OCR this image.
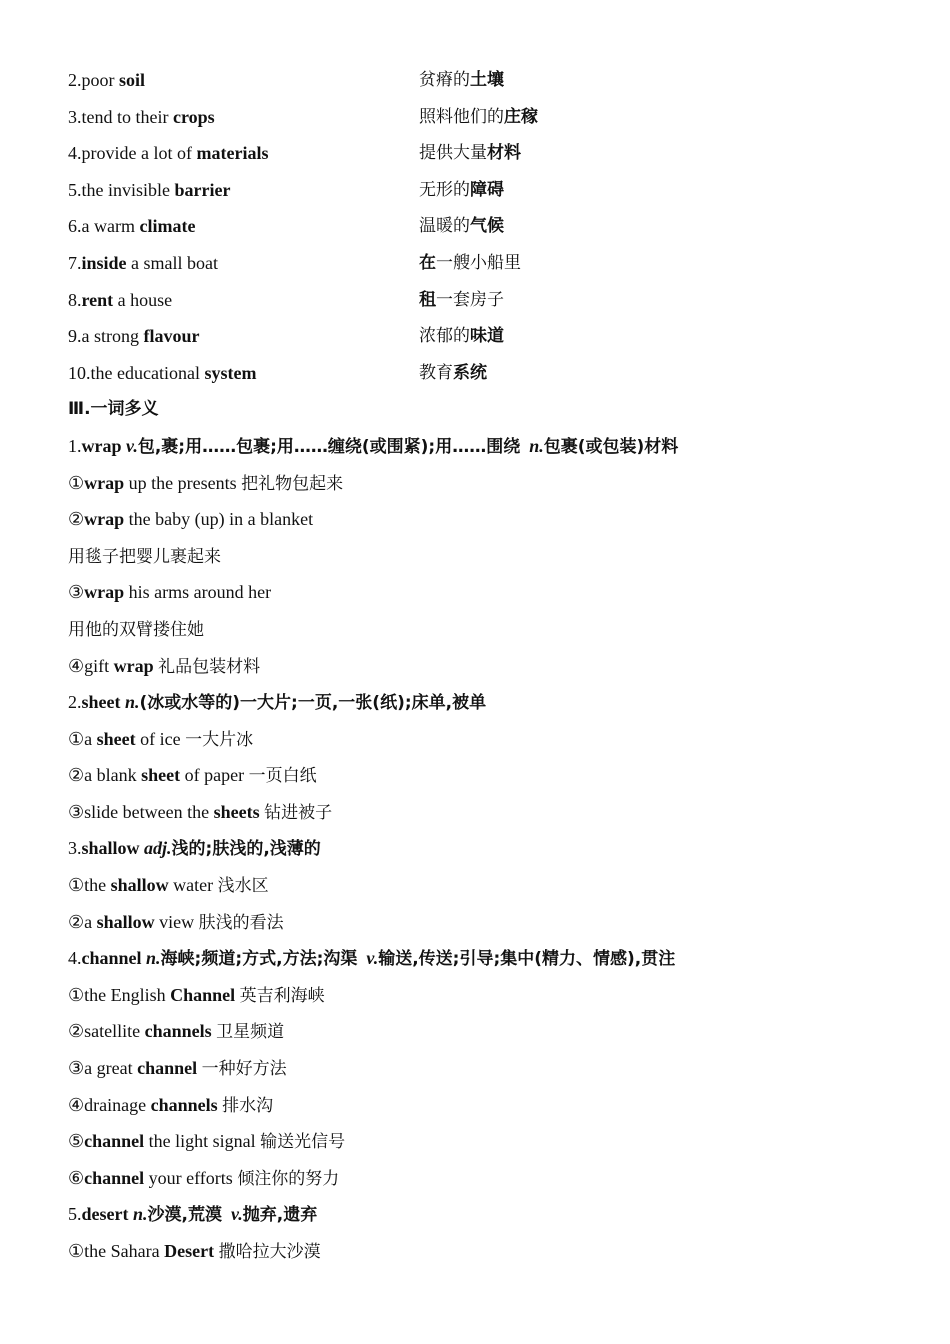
2.poor soil	贫瘠的土壤
3.tend to their crops	照料他们的庄稼
4.provide a lot of materials	提供大量材料
5.the invisible barrier	无形的障碍
6.a warm climate	温暖的气候
7.inside a small boat	在一艘小船里
8.rent a house	租一套房子
9.a strong flavour	浓郁的味道
10.the educational system	教育系统
Ⅲ.一词多义
1.wrap v.包,裹;用……包裹;用……缠绕(或围紧);用……围绕 n.包裹(或包装)材料
①wrap up the presents 把礼物包起来
②wrap the baby (up) in a blanket
用毯子把婴儿裹起来
③wrap his arms around her
用他的双臂搂住她
④gift wrap 礼品包装材料
2.sheet n.(冰或水等的)一大片;一页,一张(纸);床单,被单
①a sheet of ice 一大片冰
②a blank sheet of paper 一页白纸
③slide between the sheets 钻进被子
3.shallow adj.浅的;肤浅的,浅薄的
①the shallow water 浅水区
②a shallow view 肤浅的看法
4.channel n.海峡;频道;方式,方法;沟渠 v.输送,传送;引导;集中(精力、情感),贯注
①the English Channel 英吉利海峡
②satellite channels 卫星频道
③a great channel 一种好方法
④drainage channels 排水沟
⑤channel the light signal 输送光信号
⑥channel your efforts 倾注你的努力
5.desert n.沙漠,荒漠 v.抛弃,遗弃
①the Sahara Desert 撒哈拉大沙漠
